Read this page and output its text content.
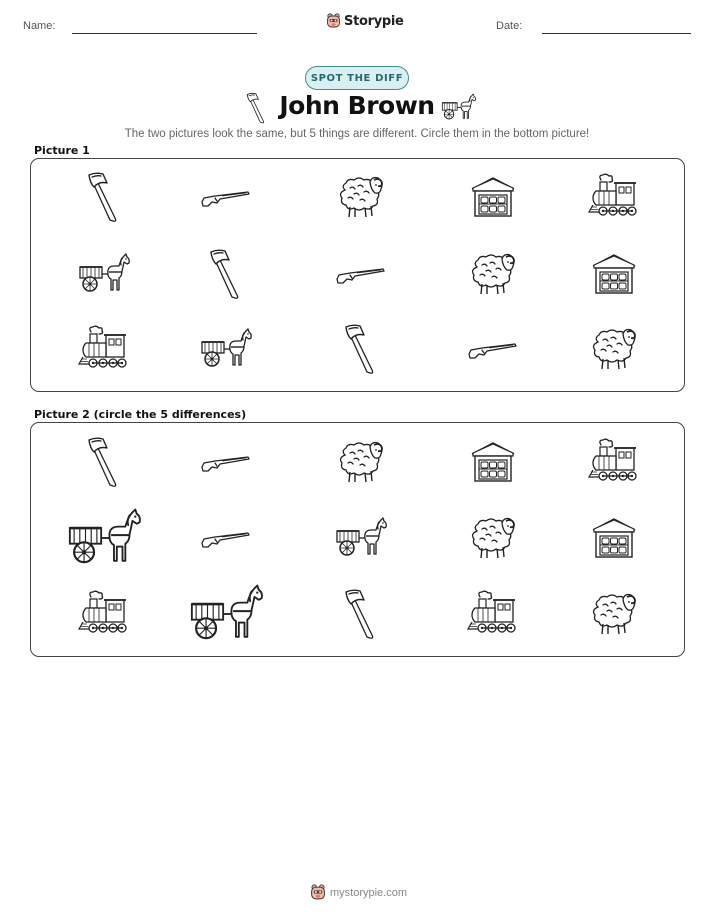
Name:	Storypie	Date:
SPOT THE DIFF
John Brown
The two pictures look the same, but 5 things are different. Circle them in the bottom picture!
Picture 1
Picture 2 (circle the 5 differences)
mystorypie.com
